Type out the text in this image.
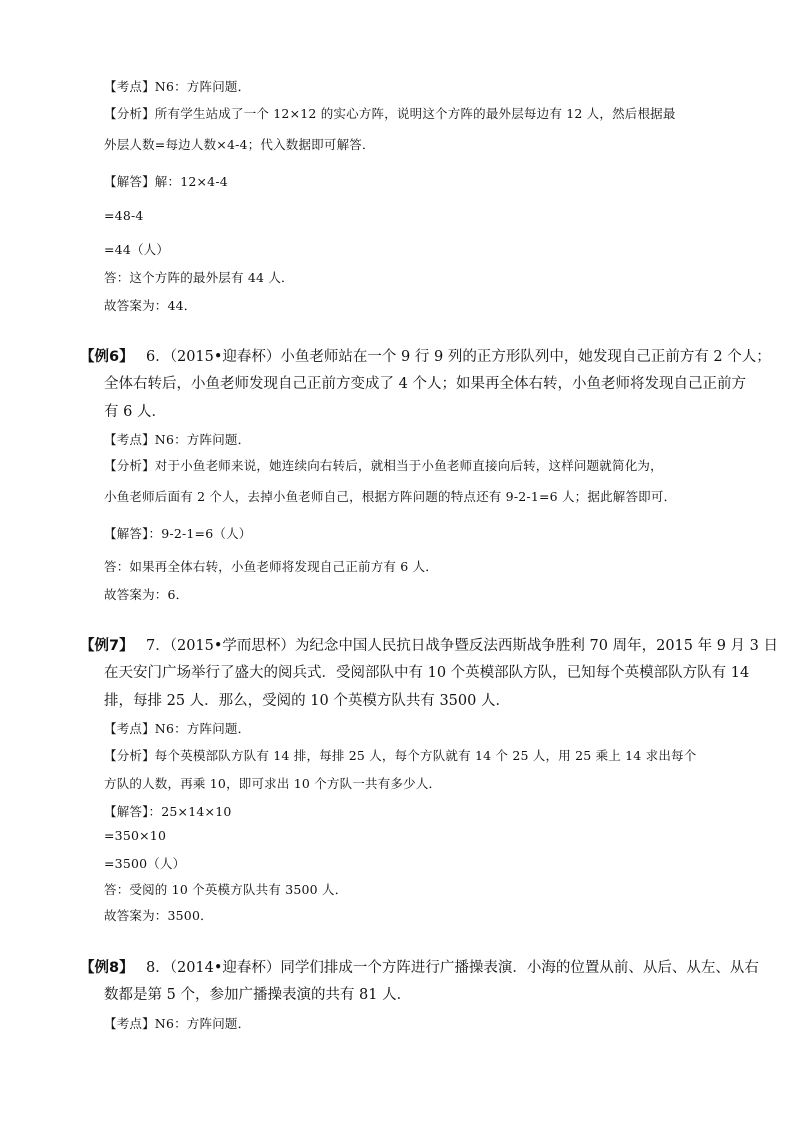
【考点】N6：方阵问题．
【分析】所有学生站成了一个 12×12 的实心方阵，说明这个方阵的最外层每边有 12 人，然后根据最
外层人数=每边人数×4-4；代入数据即可解答．
【解答】解：12×4-4
=48-4
=44（人）
答：这个方阵的最外层有 44 人．
故答案为：44．
【例6】 6．（2015•迎春杯）小鱼老师站在一个 9 行 9 列的正方形队列中，她发现自己正前方有 2 个人；
全体右转后，小鱼老师发现自己正前方变成了 4 个人；如果再全体右转，小鱼老师将发现自己正前方
有 6 人．
【考点】N6：方阵问题．
【分析】对于小鱼老师来说，她连续向右转后，就相当于小鱼老师直接向后转，这样问题就简化为，
小鱼老师后面有 2 个人，去掉小鱼老师自己，根据方阵问题的特点还有 9-2-1=6 人；据此解答即可．
【解答】：9-2-1=6（人）
答：如果再全体右转，小鱼老师将发现自己正前方有 6 人．
故答案为：6．
【例7】 7．（2015•学而思杯）为纪念中国人民抗日战争暨反法西斯战争胜利 70 周年，2015 年 9 月 3 日
在天安门广场举行了盛大的阅兵式．受阅部队中有 10 个英模部队方队，已知每个英模部队方队有 14
排，每排 25 人．那么，受阅的 10 个英模方队共有 3500 人．
【考点】N6：方阵问题．
【分析】每个英模部队方队有 14 排，每排 25 人，每个方队就有 14 个 25 人，用 25 乘上 14 求出每个
方队的人数，再乘 10，即可求出 10 个方队一共有多少人．
【解答】：25×14×10
=350×10
=3500（人）
答：受阅的 10 个英模方队共有 3500 人．
故答案为：3500．
【例8】 8．（2014•迎春杯）同学们排成一个方阵进行广播操表演．小海的位置从前、从后、从左、从右
数都是第 5 个，参加广播操表演的共有 81 人．
【考点】N6：方阵问题．
